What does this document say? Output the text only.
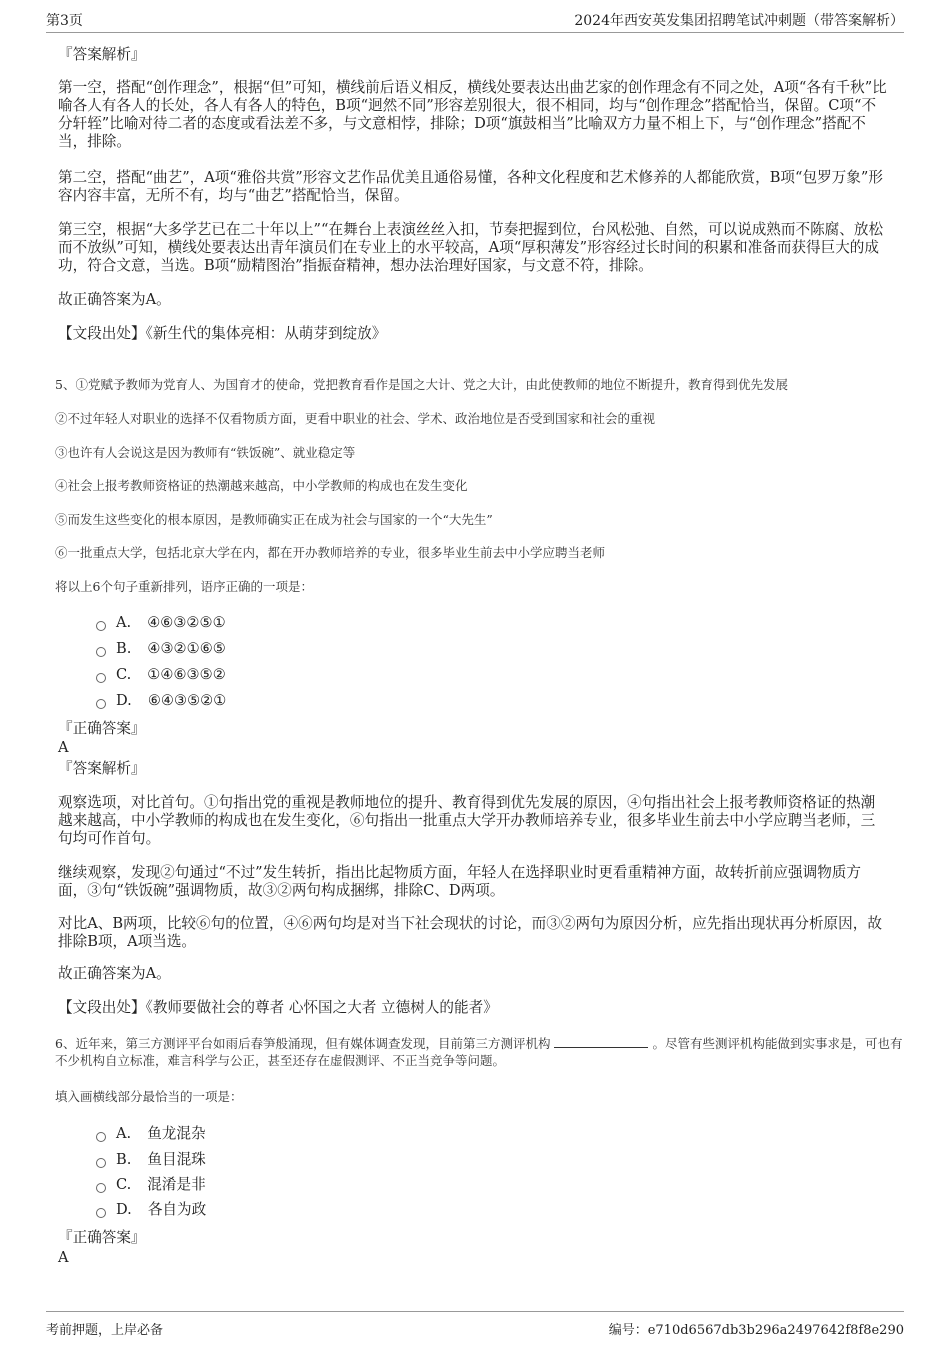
第3页	2024年西安英发集团招聘笔试冲刺题（带答案解析）
『答案解析』
第一空，搭配“创作理念”，根据“但”可知，横线前后语义相反，横线处要表达出曲艺家的创作理念有不同之处，A项“各有千秋”比喻各人有各人的长处，各人有各人的特色，B项“迥然不同”形容差别很大，很不相同，均与“创作理念”搭配恰当，保留。C项“不分轩轾”比喻对待二者的态度或看法差不多，与文意相悖，排除；D项“旗鼓相当”比喻双方力量不相上下，与“创作理念”搭配不当，排除。
第二空，搭配“曲艺”，A项“雅俗共赏”形容文艺作品优美且通俗易懂，各种文化程度和艺术修养的人都能欣赏，B项“包罗万象”形容内容丰富，无所不有，均与“曲艺”搭配恰当，保留。
第三空，根据“大多学艺已在二十年以上”“在舞台上表演丝丝入扣，节奏把握到位，台风松弛、自然，可以说成熟而不陈腐、放松而不放纵”可知，横线处要表达出青年演员们在专业上的水平较高，A项“厚积薄发”形容经过长时间的积累和准备而获得巨大的成功，符合文意，当选。B项“励精图治”指振奋精神，想办法治理好国家，与文意不符，排除。
故正确答案为A。
【文段出处】《新生代的集体亮相：从萌芽到绽放》
5、①党赋予教师为党育人、为国育才的使命，党把教育看作是国之大计、党之大计，由此使教师的地位不断提升，教育得到优先发展
②不过年轻人对职业的选择不仅看物质方面，更看中职业的社会、学术、政治地位是否受到国家和社会的重视
③也许有人会说这是因为教师有“铁饭碗”、就业稳定等
④社会上报考教师资格证的热潮越来越高，中小学教师的构成也在发生变化
⑤而发生这些变化的根本原因，是教师确实正在成为社会与国家的一个“大先生”
⑥一批重点大学，包括北京大学在内，都在开办教师培养的专业，很多毕业生前去中小学应聘当老师
将以上6个句子重新排列，语序正确的一项是：
A. ④⑥③②⑤①
B. ④③②①⑥⑤
C. ①④⑥③⑤②
D. ⑥④③⑤②①
『正确答案』
A
『答案解析』
观察选项，对比首句。①句指出党的重视是教师地位的提升、教育得到优先发展的原因，④句指出社会上报考教师资格证的热潮越来越高，中小学教师的构成也在发生变化，⑥句指出一批重点大学开办教师培养专业，很多毕业生前去中小学应聘当老师，三句均可作首句。
继续观察，发现②句通过“不过”发生转折，指出比起物质方面，年轻人在选择职业时更看重精神方面，故转折前应强调物质方面，③句“铁饭碗”强调物质，故③②两句构成捆绑，排除C、D两项。
对比A、B两项，比较⑥句的位置，④⑥两句均是对当下社会现状的讨论，而③②两句为原因分析，应先指出现状再分析原因，故排除B项，A项当选。
故正确答案为A。
【文段出处】《教师要做社会的尊者 心怀国之大者 立德树人的能者》
6、近年来，第三方测评平台如雨后春笋般涌现，但有媒体调查发现，目前第三方测评机构	。尽管有些测评机构能做到实事求是，可也有不少机构自立标准，难言科学与公正，甚至还存在虚假测评、不正当竞争等问题。
填入画横线部分最恰当的一项是：
A. 鱼龙混杂
B. 鱼目混珠
C. 混淆是非
D. 各自为政
『正确答案』
A
考前押题，上岸必备	编号：e710d6567db3b296a2497642f8f8e290
